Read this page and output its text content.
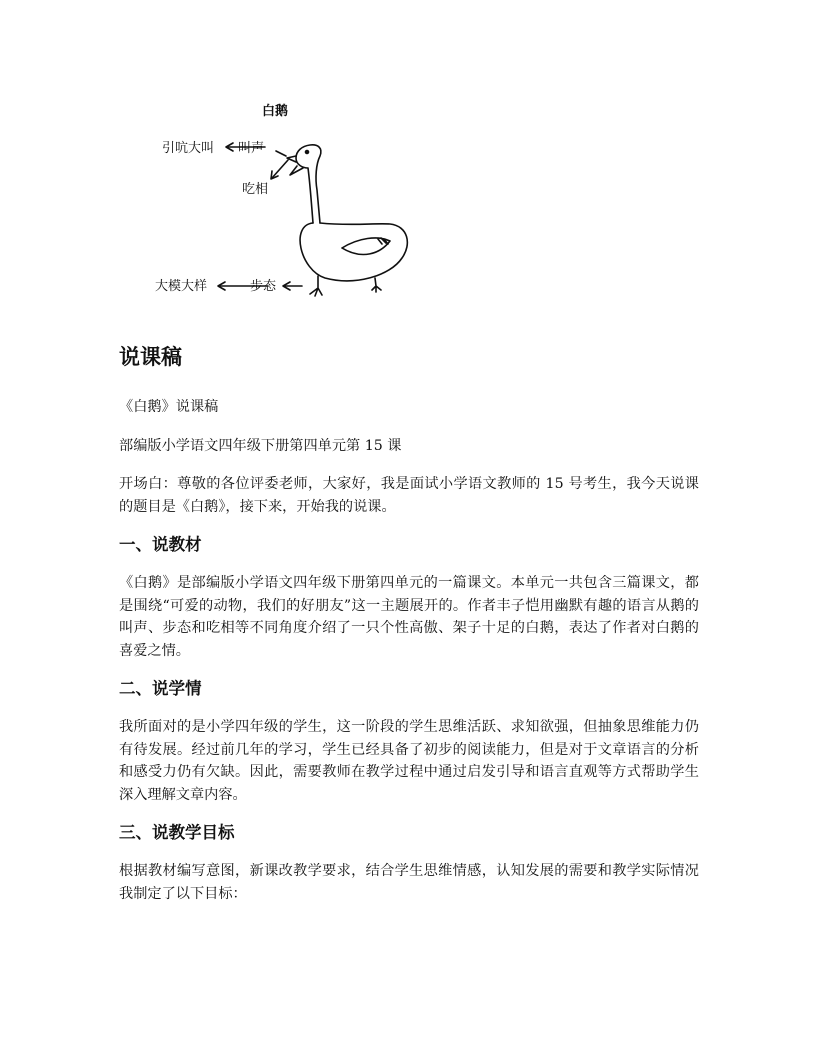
白鹅
引吭大叫 叫声
吃相
大模大样	步态
说课稿

《白鹅》说课稿

部编版小学语文四年级下册第四单元第 15 课

开场白：尊敬的各位评委老师，大家好，我是面试小学语文教师的 15 号考生，我今天说课的题目是《白鹅》，接下来，开始我的说课。

一、说教材

《白鹅》是部编版小学语文四年级下册第四单元的一篇课文。本单元一共包含三篇课文，都是围绕“可爱的动物，我们的好朋友”这一主题展开的。作者丰子恺用幽默有趣的语言从鹅的叫声、步态和吃相等不同角度介绍了一只个性高傲、架子十足的白鹅，表达了作者对白鹅的喜爱之情。

二、说学情

我所面对的是小学四年级的学生，这一阶段的学生思维活跃、求知欲强，但抽象思维能力仍有待发展。经过前几年的学习，学生已经具备了初步的阅读能力，但是对于文章语言的分析和感受力仍有欠缺。因此，需要教师在教学过程中通过启发引导和语言直观等方式帮助学生深入理解文章内容。

三、说教学目标

根据教材编写意图，新课改教学要求，结合学生思维情感，认知发展的需要和教学实际情况我制定了以下目标：
